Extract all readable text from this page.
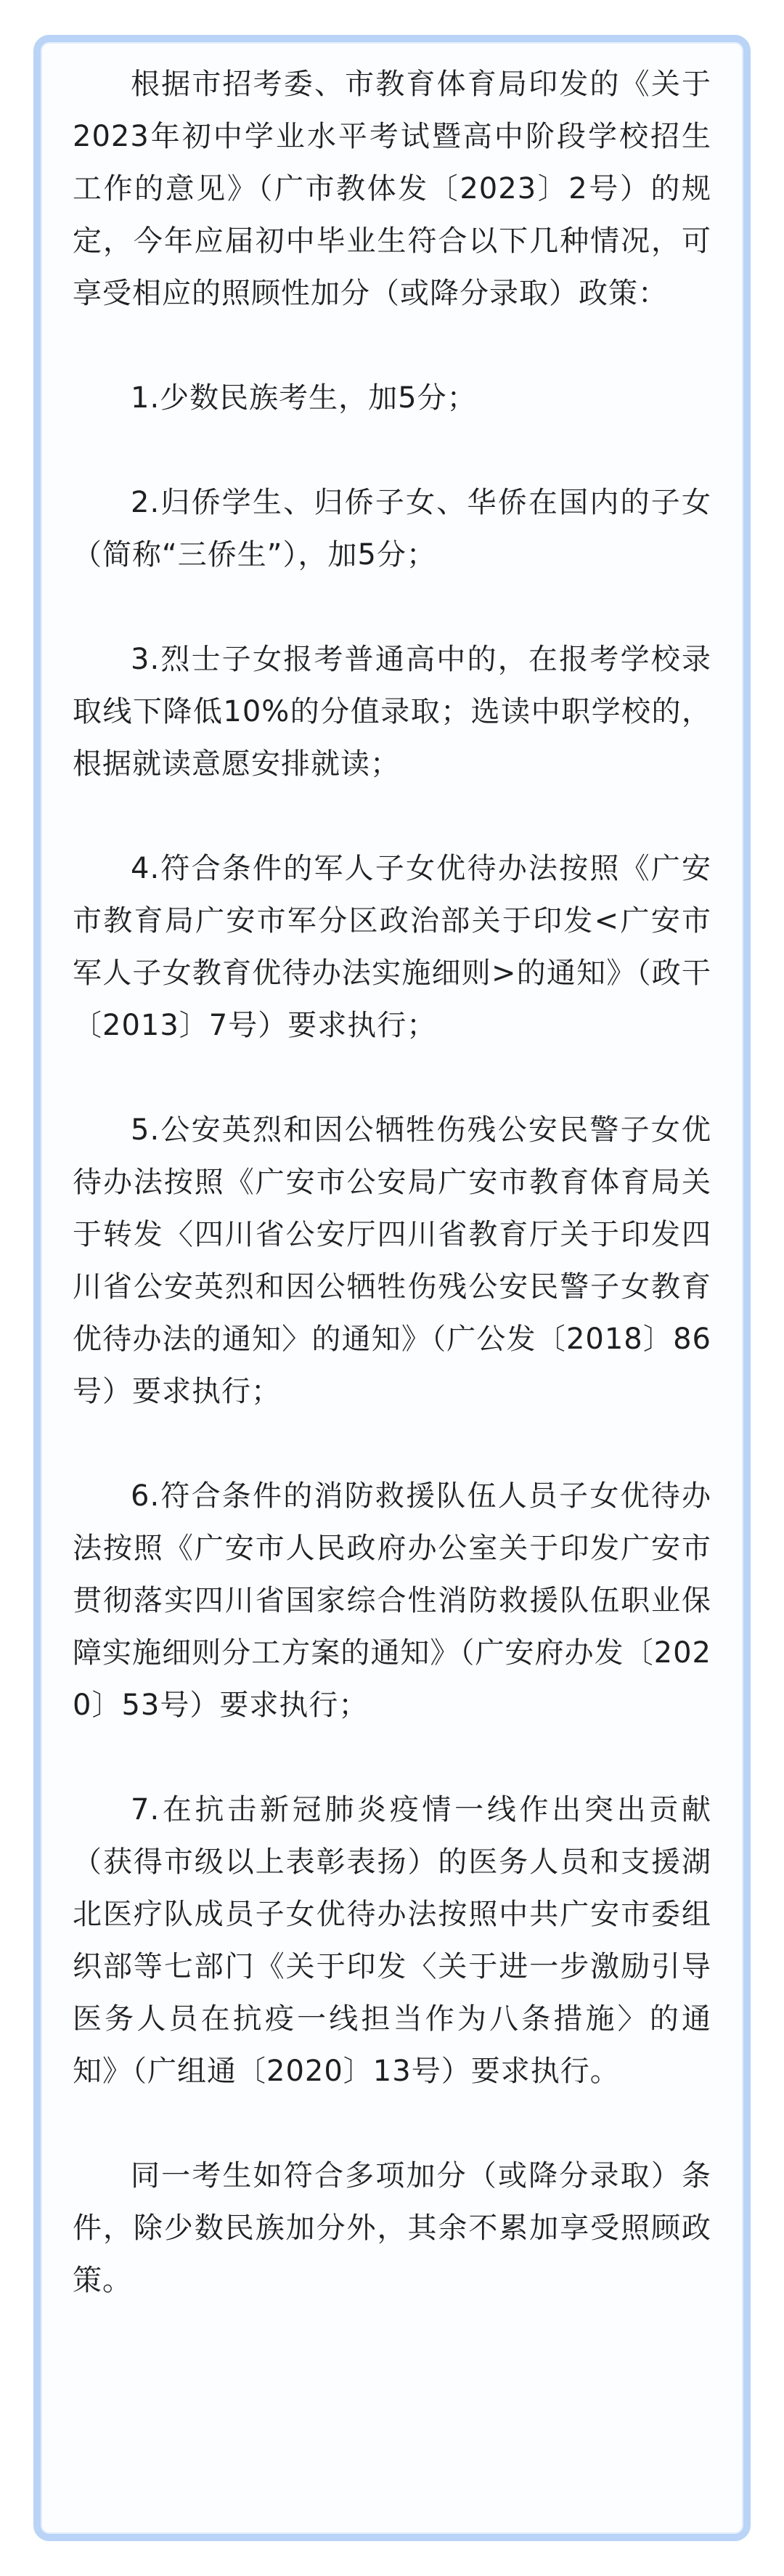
根据市招考委、市教育体育局印发的《关于2023年初中学业水平考试暨高中阶段学校招生工作的意见》（广市教体发〔2023〕2号）的规定，今年应届初中毕业生符合以下几种情况，可享受相应的照顾性加分（或降分录取）政策：

1.少数民族考生，加5分；

2.归侨学生、归侨子女、华侨在国内的子女（简称“三侨生”），加5分；

3.烈士子女报考普通高中的，在报考学校录取线下降低10%的分值录取；选读中职学校的，根据就读意愿安排就读；

4.符合条件的军人子女优待办法按照《广安市教育局广安市军分区政治部关于印发<广安市军人子女教育优待办法实施细则>的通知》（政干〔2013〕7号）要求执行；

5.公安英烈和因公牺牲伤残公安民警子女优待办法按照《广安市公安局广安市教育体育局关于转发〈四川省公安厅四川省教育厅关于印发四川省公安英烈和因公牺牲伤残公安民警子女教育优待办法的通知〉的通知》（广公发〔2018〕86号）要求执行；

6.符合条件的消防救援队伍人员子女优待办法按照《广安市人民政府办公室关于印发广安市贯彻落实四川省国家综合性消防救援队伍职业保障实施细则分工方案的通知》（广安府办发〔2020〕53号）要求执行；

7.在抗击新冠肺炎疫情一线作出突出贡献（获得市级以上表彰表扬）的医务人员和支援湖北医疗队成员子女优待办法按照中共广安市委组织部等七部门《关于印发〈关于进一步激励引导医务人员在抗疫一线担当作为八条措施〉的通知》（广组通〔2020〕13号）要求执行。

同一考生如符合多项加分（或降分录取）条件，除少数民族加分外，其余不累加享受照顾政策。
